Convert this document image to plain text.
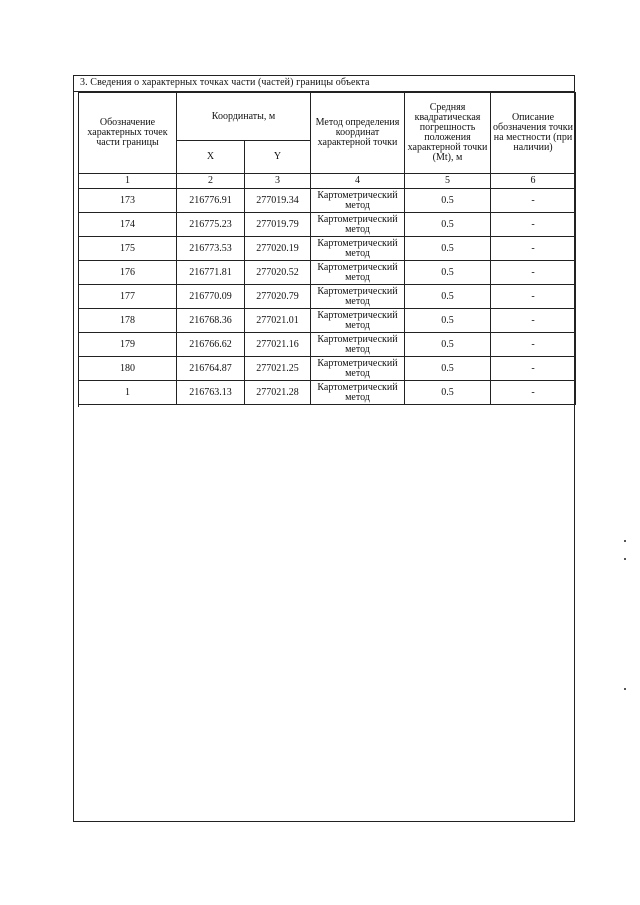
3. Сведения о характерных точках части (частей) границы объекта
Обозначение характерных точек части границы	Координаты, м		Метод определения координат характерной точки	Средняя квадратическая погрешность положения характерной точки (Mt), м	Описание обозначения точки на местности (при наличии)
	X	Y			
1	2	3	4	5	6
173	216776.91	277019.34	Картометрический метод	0.5	-
174	216775.23	277019.79	Картометрический метод	0.5	-
175	216773.53	277020.19	Картометрический метод	0.5	-
176	216771.81	277020.52	Картометрический метод	0.5	-
177	216770.09	277020.79	Картометрический метод	0.5	-
178	216768.36	277021.01	Картометрический метод	0.5	-
179	216766.62	277021.16	Картометрический метод	0.5	-
180	216764.87	277021.25	Картометрический метод	0.5	-
1	216763.13	277021.28	Картометрический метод	0.5	-
